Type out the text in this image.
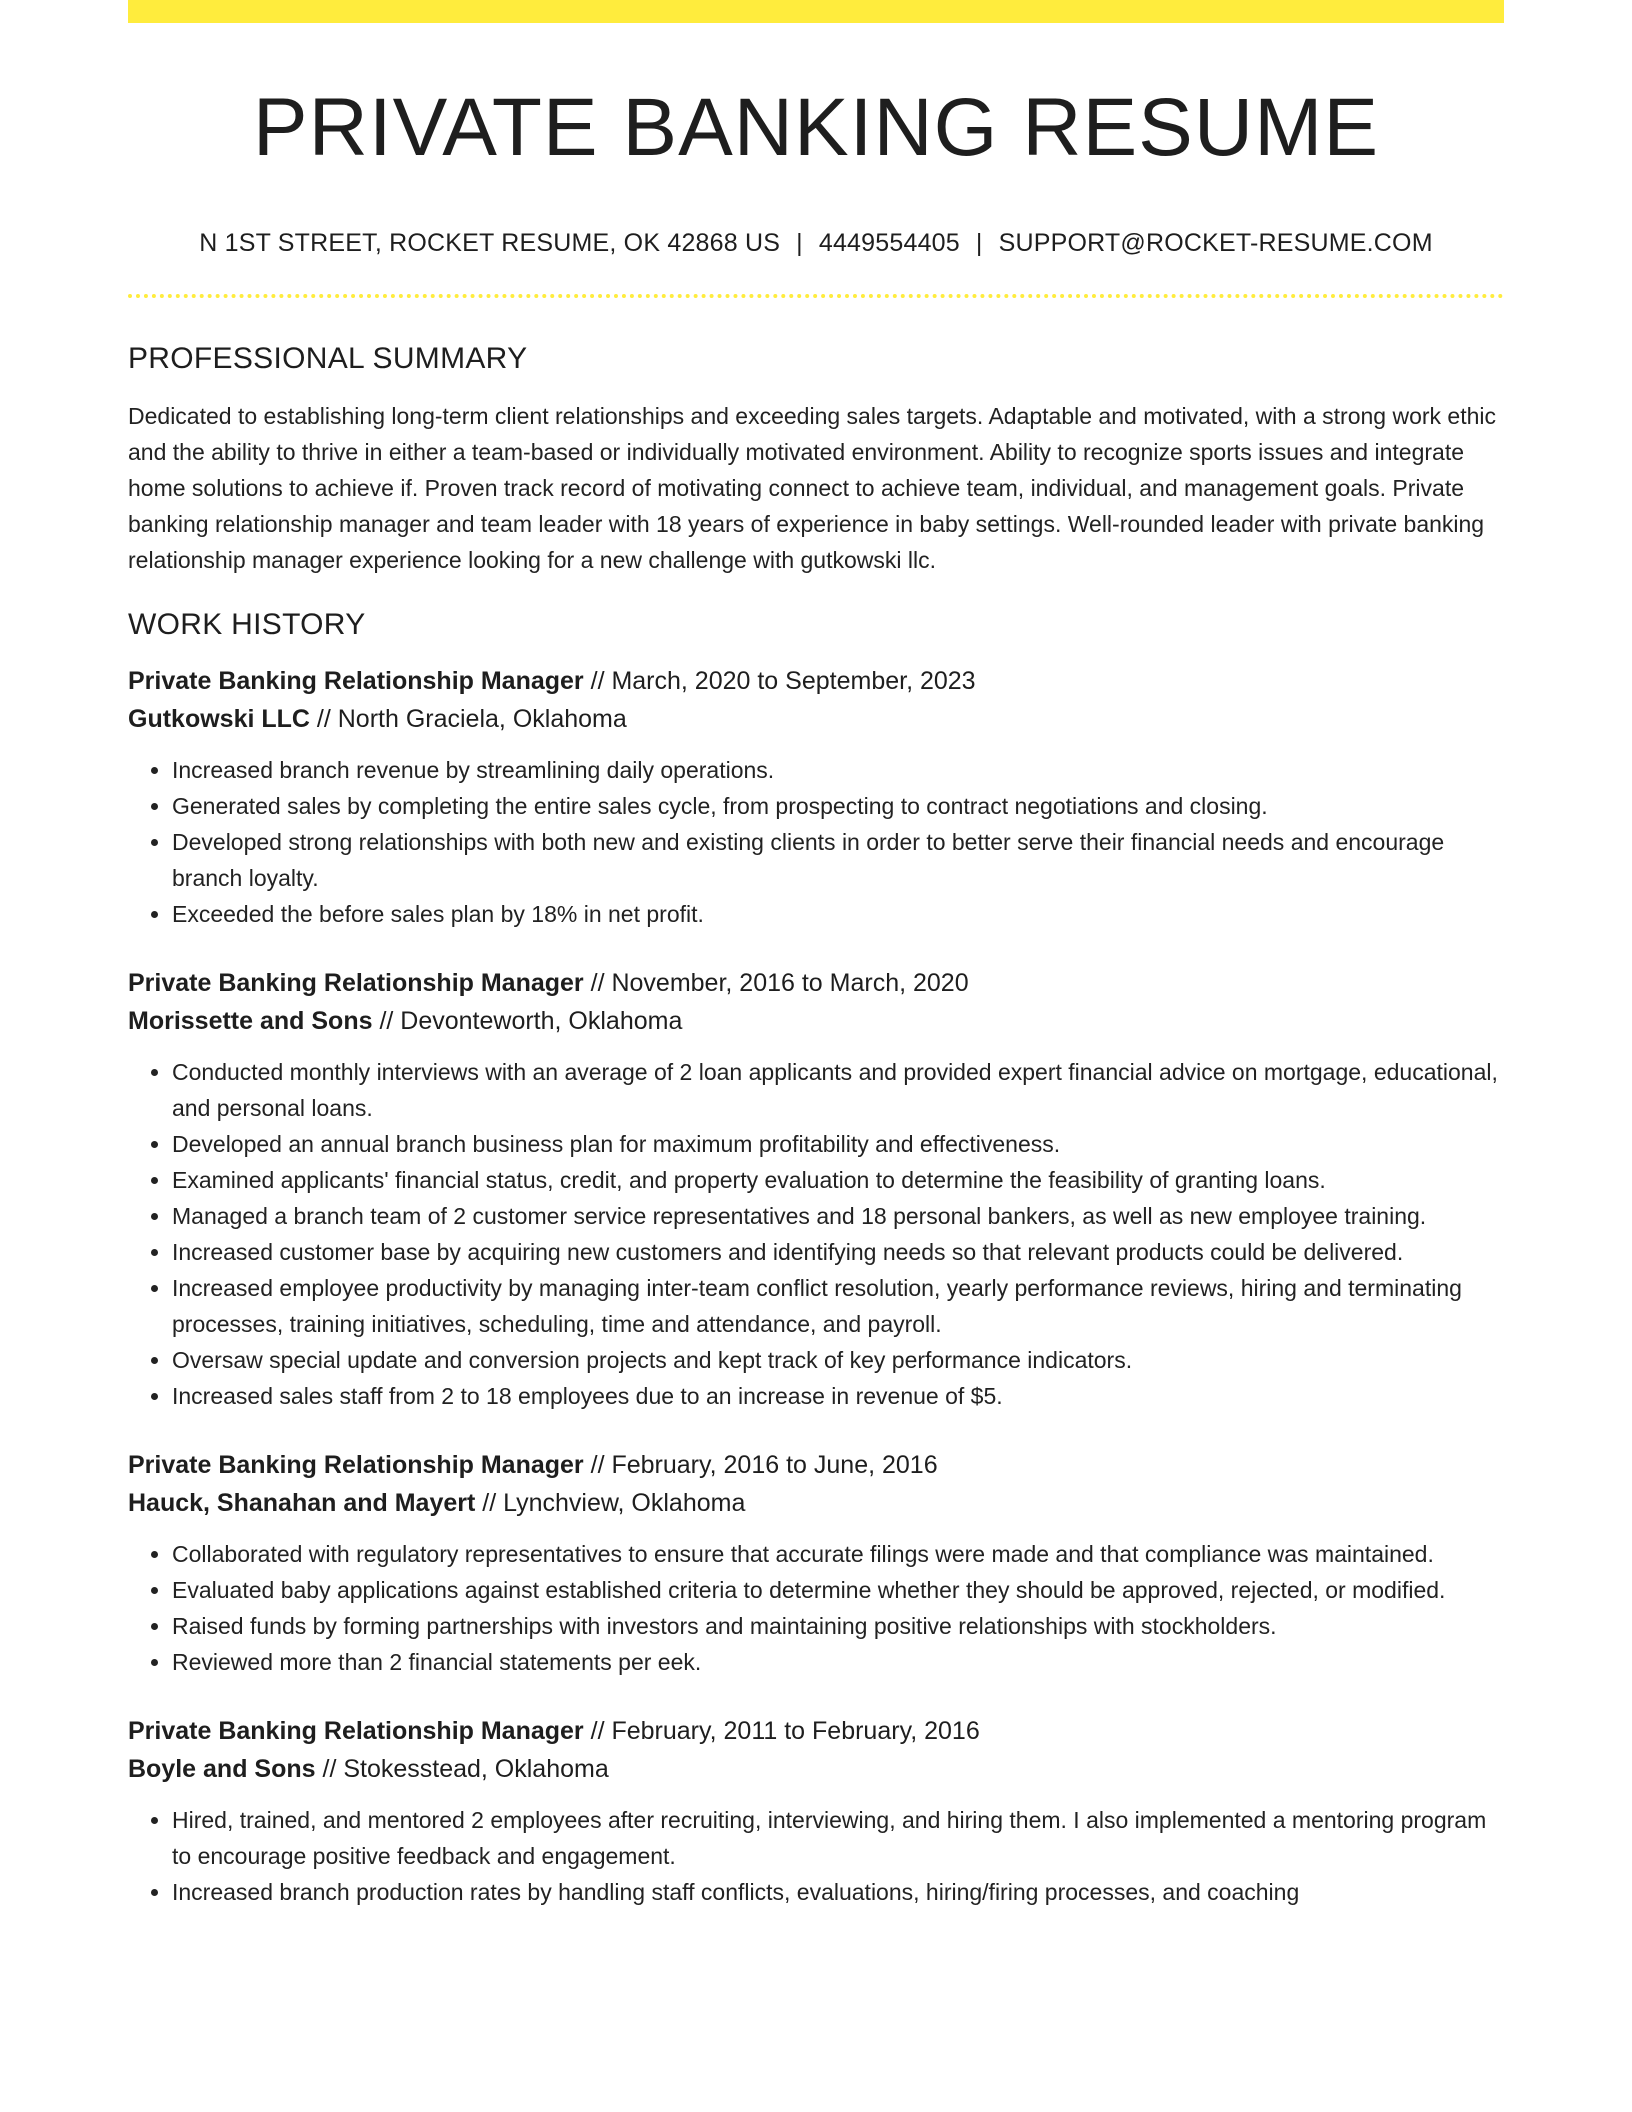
PRIVATE BANKING RESUME
N 1ST STREET, ROCKET RESUME, OK 42868 US | 4449554405 | SUPPORT@ROCKET-RESUME.COM
PROFESSIONAL SUMMARY

Dedicated to establishing long-term client relationships and exceeding sales targets. Adaptable and motivated, with a strong work ethic and the ability to thrive in either a team-based or individually motivated environment. Ability to recognize sports issues and integrate home solutions to achieve if. Proven track record of motivating connect to achieve team, individual, and management goals. Private banking relationship manager and team leader with 18 years of experience in baby settings. Well-rounded leader with private banking relationship manager experience looking for a new challenge with gutkowski llc.

WORK HISTORY
Private Banking Relationship Manager // March, 2020 to September, 2023
Gutkowski LLC // North Graciela, Oklahoma
• Increased branch revenue by streamlining daily operations.
• Generated sales by completing the entire sales cycle, from prospecting to contract negotiations and closing.
• Developed strong relationships with both new and existing clients in order to better serve their financial needs and encourage branch loyalty.
• Exceeded the before sales plan by 18% in net profit.
Private Banking Relationship Manager // November, 2016 to March, 2020
Morissette and Sons // Devonteworth, Oklahoma
• Conducted monthly interviews with an average of 2 loan applicants and provided expert financial advice on mortgage, educational, and personal loans.
• Developed an annual branch business plan for maximum profitability and effectiveness.
• Examined applicants' financial status, credit, and property evaluation to determine the feasibility of granting loans.
• Managed a branch team of 2 customer service representatives and 18 personal bankers, as well as new employee training.
• Increased customer base by acquiring new customers and identifying needs so that relevant products could be delivered.
• Increased employee productivity by managing inter-team conflict resolution, yearly performance reviews, hiring and terminating processes, training initiatives, scheduling, time and attendance, and payroll.
• Oversaw special update and conversion projects and kept track of key performance indicators.
• Increased sales staff from 2 to 18 employees due to an increase in revenue of $5.
Private Banking Relationship Manager // February, 2016 to June, 2016
Hauck, Shanahan and Mayert // Lynchview, Oklahoma
• Collaborated with regulatory representatives to ensure that accurate filings were made and that compliance was maintained.
• Evaluated baby applications against established criteria to determine whether they should be approved, rejected, or modified.
• Raised funds by forming partnerships with investors and maintaining positive relationships with stockholders.
• Reviewed more than 2 financial statements per eek.
Private Banking Relationship Manager // February, 2011 to February, 2016
Boyle and Sons // Stokesstead, Oklahoma
• Hired, trained, and mentored 2 employees after recruiting, interviewing, and hiring them. I also implemented a mentoring program to encourage positive feedback and engagement.
• Increased branch production rates by handling staff conflicts, evaluations, hiring/firing processes, and coaching
